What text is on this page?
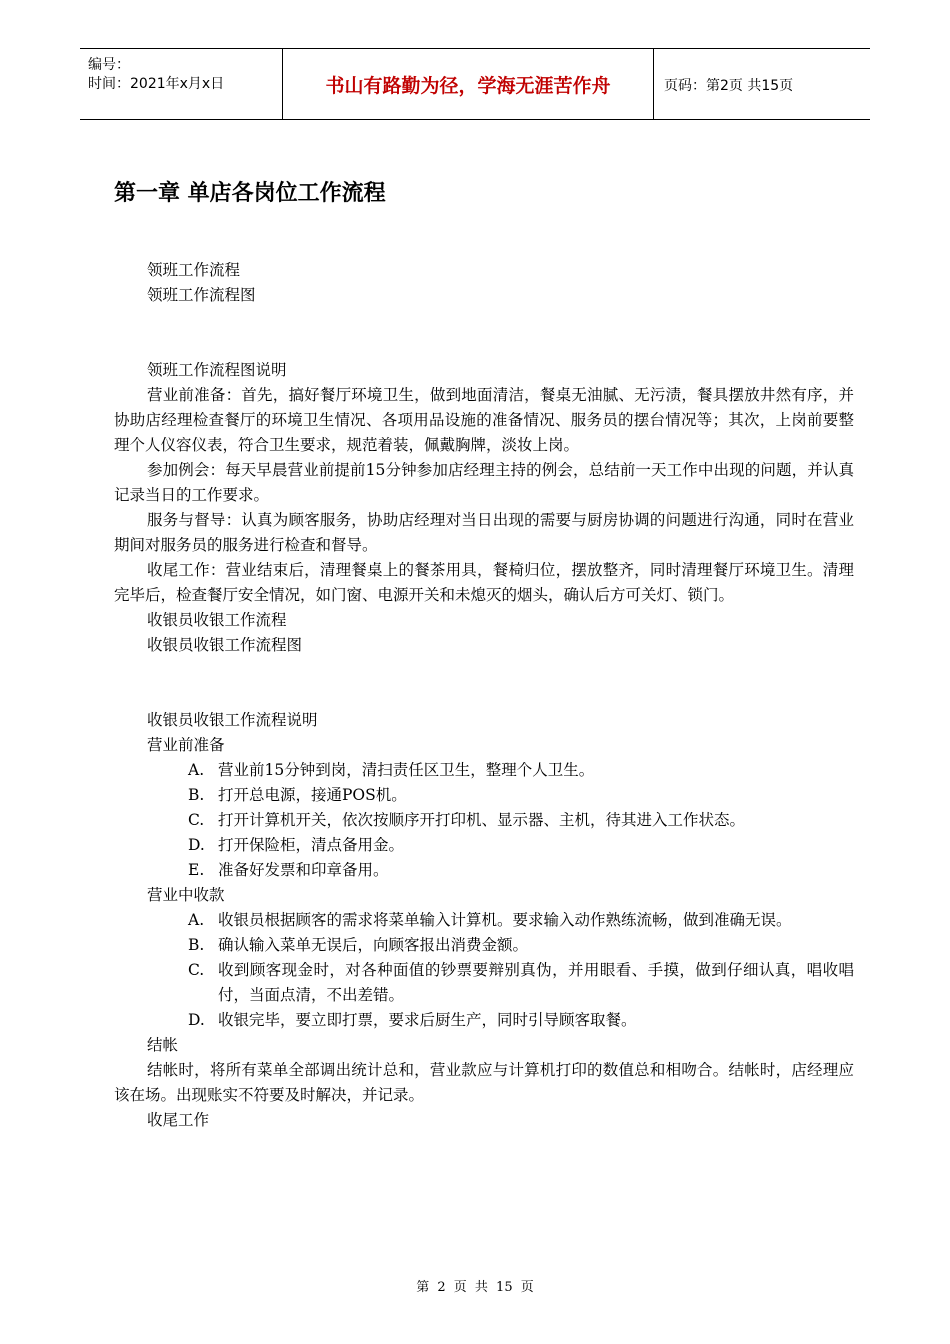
编号：
时间：2021年x月x日	书山有路勤为径，学海无涯苦作舟	页码：第2页 共15页
第一章 单店各岗位工作流程
领班工作流程
领班工作流程图
领班工作流程图说明

营业前准备：首先，搞好餐厅环境卫生，做到地面清洁，餐桌无油腻、无污渍，餐具摆放井然有序，并协助店经理检查餐厅的环境卫生情况、各项用品设施的准备情况、服务员的摆台情况等；其次，上岗前要整理个人仪容仪表，符合卫生要求，规范着装，佩戴胸牌，淡妆上岗。

参加例会：每天早晨营业前提前15分钟参加店经理主持的例会，总结前一天工作中出现的问题，并认真记录当日的工作要求。

服务与督导：认真为顾客服务，协助店经理对当日出现的需要与厨房协调的问题进行沟通，同时在营业期间对服务员的服务进行检查和督导。

收尾工作：营业结束后，清理餐桌上的餐茶用具，餐椅归位，摆放整齐，同时清理餐厅环境卫生。清理完毕后，检查餐厅安全情况，如门窗、电源开关和未熄灭的烟头，确认后方可关灯、锁门。

收银员收银工作流程
收银员收银工作流程图
收银员收银工作流程说明
营业前准备
A. 营业前15分钟到岗，清扫责任区卫生，整理个人卫生。
B. 打开总电源，接通POS机。
C. 打开计算机开关，依次按顺序开打印机、显示器、主机，待其进入工作状态。
D. 打开保险柜，清点备用金。
E. 准备好发票和印章备用。
营业中收款
A. 收银员根据顾客的需求将菜单输入计算机。要求输入动作熟练流畅，做到准确无误。
B. 确认输入菜单无误后，向顾客报出消费金额。
C. 收到顾客现金时，对各种面值的钞票要辩别真伪，并用眼看、手摸，做到仔细认真，唱收唱付，当面点清，不出差错。
D. 收银完毕，要立即打票，要求后厨生产，同时引导顾客取餐。
结帐

结帐时，将所有菜单全部调出统计总和，营业款应与计算机打印的数值总和相吻合。结帐时，店经理应该在场。出现账实不符要及时解决，并记录。

收尾工作
第 2 页 共 15 页
